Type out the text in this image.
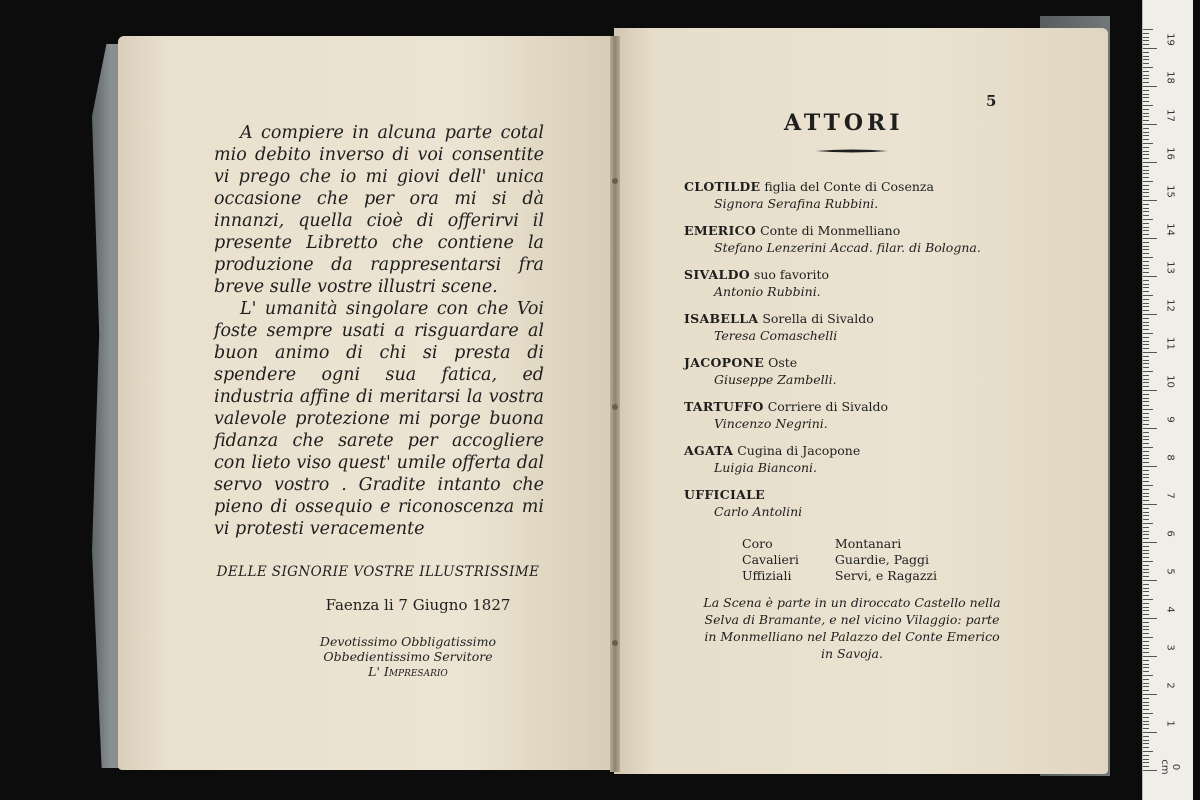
A compiere in alcuna parte cotal mio debito inverso di voi consentite vi prego che io mi giovi dell' unica occasione che per ora mi si dà innanzi, quella cioè di offerirvi il presente Libretto che contiene la produzione da rappresentarsi fra breve sulle vostre illustri scene.

L' umanità singolare con che Voi foste sempre usati a risguardare al buon animo di chi si presta di spendere ogni sua fatica, ed industria affine di meritarsi la vostra valevole protezione mi porge buona fidanza che sarete per accogliere con lieto viso quest' umile offerta dal servo vostro . Gradite intanto che pieno di ossequio e riconoscenza mi vi protesti veracemente

DELLE SIGNORIE VOSTRE ILLUSTRISSIME
Faenza li 7 Giugno 1827
Devotissimo Obbligatissimo
Obbedientissimo Servitore
L' Impresario
5
ATTORI
CLOTILDE figlia del Conte di Cosenza
Signora Serafina Rubbini.
EMERICO Conte di Monmelliano
Stefano Lenzerini Accad. filar. di Bologna.
SIVALDO suo favorito
Antonio Rubbini.
ISABELLA Sorella di Sivaldo
Teresa Comaschelli
JACOPONE Oste
Giuseppe Zambelli.
TARTUFFO Corriere di Sivaldo
Vincenzo Negrini.
AGATA Cugina di Jacopone
Luigia Bianconi.
UFFICIALE
Carlo Antolini
Coro
Cavalieri
Uffiziali
Montanari
Guardie, Paggi
Servi, e Ragazzi
La Scena è parte in un diroccato Castello nella Selva di Bramante, e nel vicino Vilaggio: parte in Monmelliano nel Palazzo del Conte Emerico in Savoja.
0 cm
1
2
3
4
5
6
7
8
9
10
11
12
13
14
15
16
17
18
19
